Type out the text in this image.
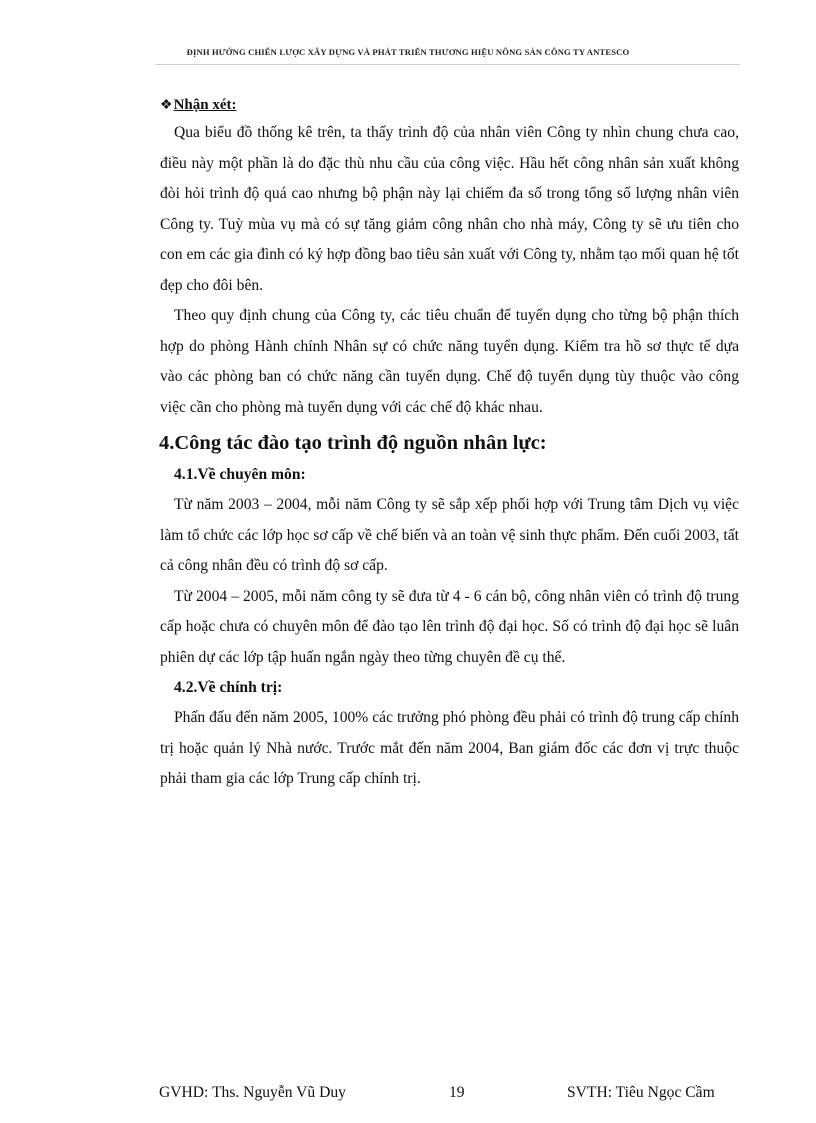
ĐỊNH HƯỚNG CHIẾN LƯỢC XÂY DỰNG VÀ PHÁT TRIỂN THƯƠNG HIỆU NÔNG SẢN CÔNG TY ANTESCO
❖Nhận xét:

Qua biểu đồ thống kê trên, ta thấy trình độ của nhân viên Công ty nhìn chung chưa cao, điều này một phần là do đặc thù nhu cầu của công việc. Hầu hết công nhân sản xuất không đòi hỏi trình độ quá cao nhưng bộ phận này lại chiếm đa số trong tổng số lượng nhân viên Công ty. Tuỳ mùa vụ mà có sự tăng giảm công nhân cho nhà máy, Công ty sẽ ưu tiên cho con em các gia đình có ký hợp đồng bao tiêu sản xuất với Công ty, nhằm tạo mối quan hệ tốt đẹp cho đôi bên.

Theo quy định chung của Công ty, các tiêu chuẩn để tuyển dụng cho từng bộ phận thích hợp do phòng Hành chính Nhân sự có chức năng tuyển dụng. Kiểm tra hồ sơ thực tế dựa vào các phòng ban có chức năng cần tuyển dụng. Chế độ tuyển dụng tùy thuộc vào công việc cần cho phòng mà tuyển dụng với các chế độ khác nhau.

4.Công tác đào tạo trình độ nguồn nhân lực:
4.1.Về chuyên môn:

Từ năm 2003 – 2004, mỗi năm Công ty sẽ sắp xếp phối hợp với Trung tâm Dịch vụ việc làm tổ chức các lớp học sơ cấp về chế biến và an toàn vệ sinh thực phẩm. Đến cuối 2003, tất cả công nhân đều có trình độ sơ cấp.

Từ 2004 – 2005, mỗi năm công ty sẽ đưa từ 4 - 6 cán bộ, công nhân viên có trình độ trung cấp hoặc chưa có chuyên môn để đào tạo lên trình độ đại học. Số có trình độ đại học sẽ luân phiên dự các lớp tập huấn ngắn ngày theo từng chuyên đề cụ thể.

4.2.Về chính trị:

Phấn đấu đến năm 2005, 100% các trưởng phó phòng đều phải có trình độ trung cấp chính trị hoặc quản lý Nhà nước. Trước mắt đến năm 2004, Ban giám đốc các đơn vị trực thuộc phải tham gia các lớp Trung cấp chính trị.

GVHD: Ths. Nguyễn Vũ Duy	19	SVTH: Tiêu Ngọc Cầm
